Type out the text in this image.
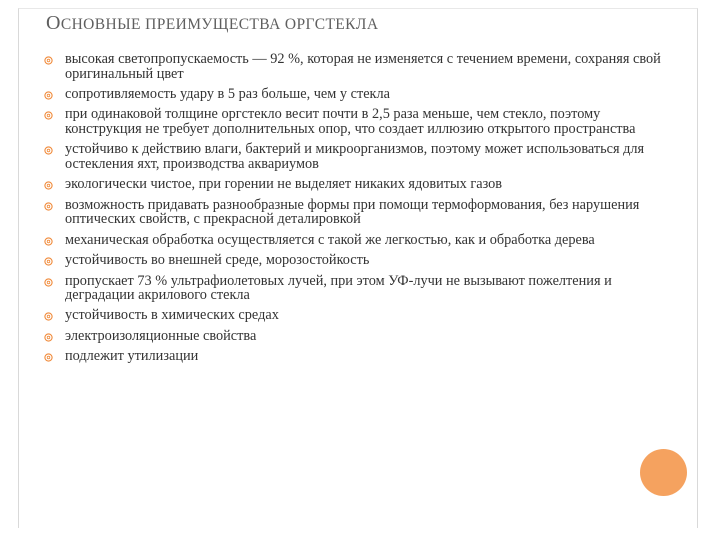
ОСНОВНЫЕ ПРЕИМУЩЕСТВА ОРГСТЕКЛА
высокая светопропускаемость — 92 %, которая не изменяется с течением времени, сохраняя свой оригинальный цвет
сопротивляемость удару в 5 раз больше, чем у стекла
при одинаковой толщине оргстекло весит почти в 2,5 раза меньше, чем стекло, поэтому конструкция не требует дополнительных опор, что создает иллюзию открытого пространства
устойчиво к действию влаги, бактерий и микроорганизмов, поэтому может использоваться для остекления яхт, производства аквариумов
экологически чистое, при горении не выделяет никаких ядовитых газов
возможность придавать разнообразные формы при помощи термоформования, без нарушения оптических свойств, с прекрасной деталировкой
механическая обработка осуществляется с такой же легкостью, как и обработка дерева
устойчивость во внешней среде, морозостойкость
пропускает 73 % ультрафиолетовых лучей, при этом УФ-лучи не вызывают пожелтения и деградации акрилового стекла
устойчивость в химических средах
электроизоляционные свойства
подлежит утилизации
